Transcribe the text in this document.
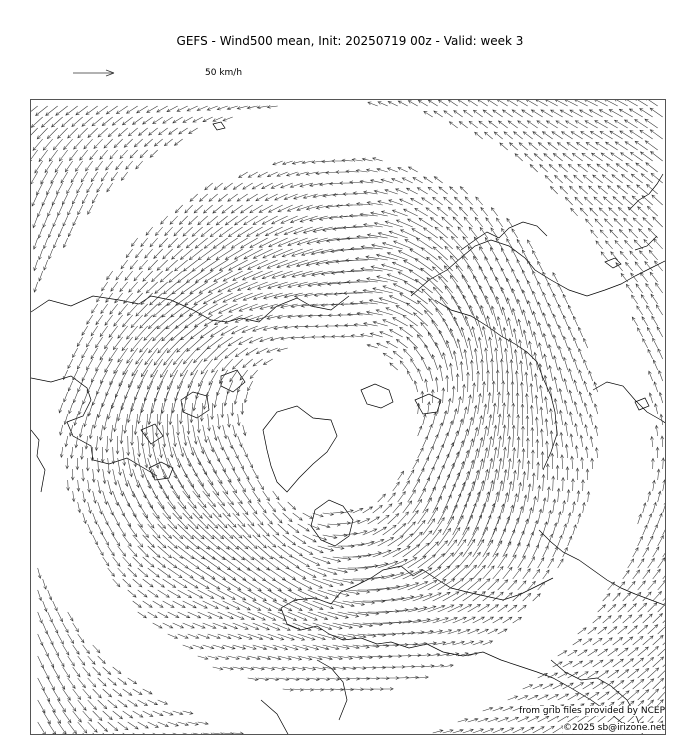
GEFS - Wind500 mean, Init: 20250719 00z - Valid: week 3
50 km/h
from grib files provided by NCEP
©2025 sb@irizone.net
